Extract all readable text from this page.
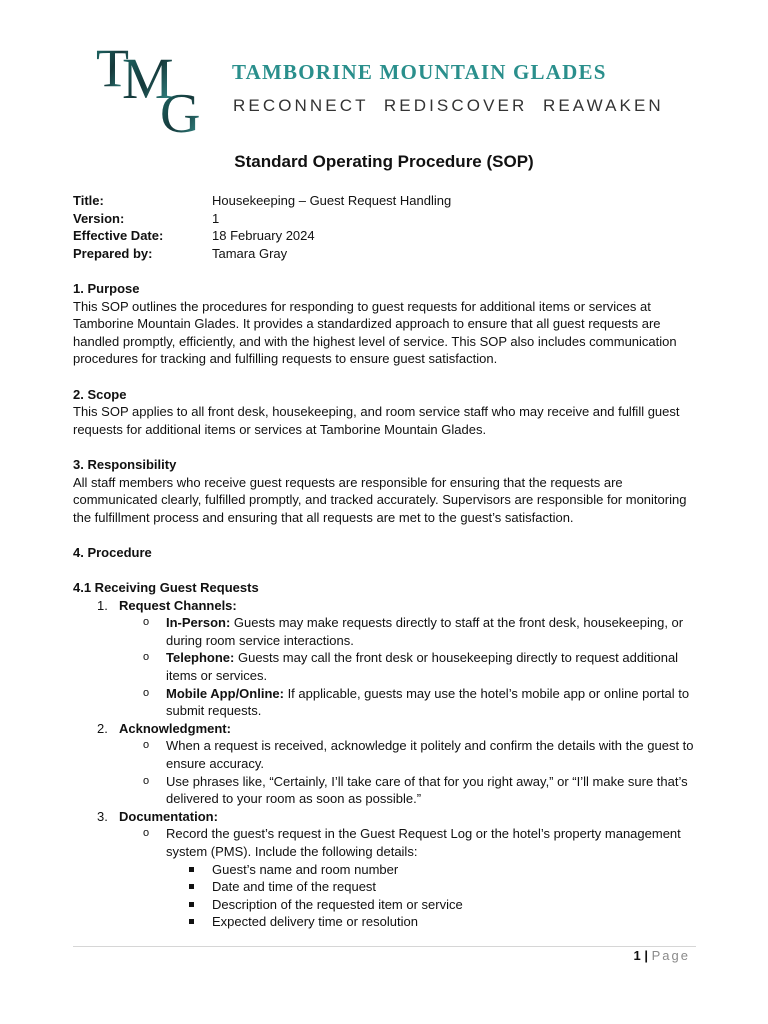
T
M
G
TAMBORINE MOUNTAIN GLADES
RECONNECT  REDISCOVER  REAWAKEN
Standard Operating Procedure (SOP)
Title:	Housekeeping – Guest Request Handling
Version:	1
Effective Date:	18 February 2024
Prepared by:	Tamara Gray
1. Purpose

This SOP outlines the procedures for responding to guest requests for additional items or services at Tamborine Mountain Glades. It provides a standardized approach to ensure that all guest requests are handled promptly, efficiently, and with the highest level of service. This SOP also includes communication procedures for tracking and fulfilling requests to ensure guest satisfaction.

2. Scope

This SOP applies to all front desk, housekeeping, and room service staff who may receive and fulfill guest requests for additional items or services at Tamborine Mountain Glades.

3. Responsibility

All staff members who receive guest requests are responsible for ensuring that the requests are communicated clearly, fulfilled promptly, and tracked accurately. Supervisors are responsible for monitoring the fulfillment process and ensuring that all requests are met to the guest’s satisfaction.

4. Procedure
4.1 Receiving Guest Requests
1. Request Channels:
o In-Person: Guests may make requests directly to staff at the front desk, housekeeping, or during room service interactions.
o Telephone: Guests may call the front desk or housekeeping directly to request additional items or services.
o Mobile App/Online: If applicable, guests may use the hotel’s mobile app or online portal to submit requests.
2. Acknowledgment:
o When a request is received, acknowledge it politely and confirm the details with the guest to ensure accuracy.
o Use phrases like, “Certainly, I’ll take care of that for you right away,” or “I’ll make sure that’s delivered to your room as soon as possible.”
3. Documentation:
o Record the guest’s request in the Guest Request Log or the hotel’s property management system (PMS). Include the following details:
Guest’s name and room number
Date and time of the request
Description of the requested item or service
Expected delivery time or resolution
1 | Page
